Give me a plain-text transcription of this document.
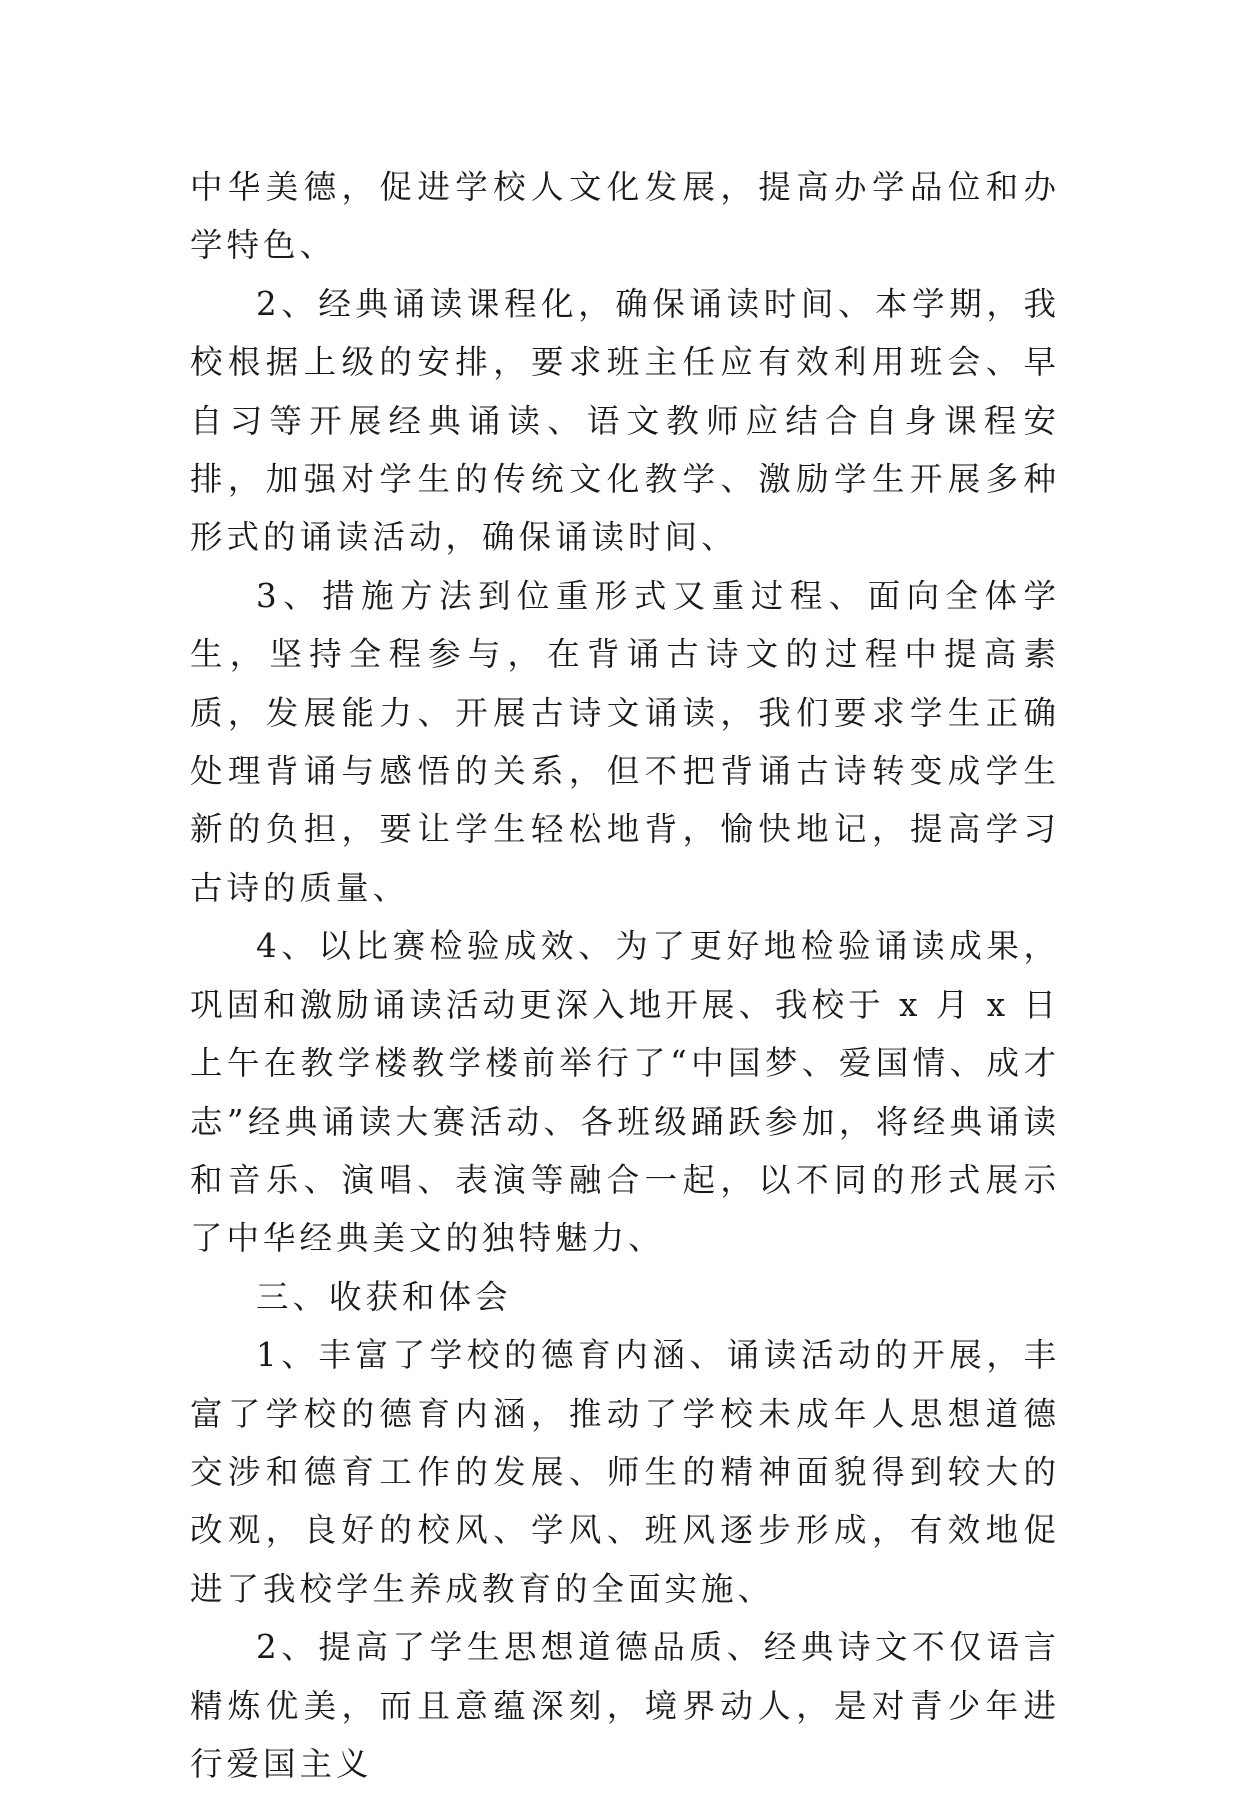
中华美德，促进学校人文化发展，提高办学品位和办学特色、

2、经典诵读课程化，确保诵读时间、本学期，我校根据上级的安排，要求班主任应有效利用班会、早自习等开展经典诵读、语文教师应结合自身课程安排，加强对学生的传统文化教学、激励学生开展多种形式的诵读活动，确保诵读时间、

3、措施方法到位重形式又重过程、面向全体学生，坚持全程参与，在背诵古诗文的过程中提高素质，发展能力、开展古诗文诵读，我们要求学生正确处理背诵与感悟的关系，但不把背诵古诗转变成学生新的负担，要让学生轻松地背，愉快地记，提高学习古诗的质量、

4、以比赛检验成效、为了更好地检验诵读成果，巩固和激励诵读活动更深入地开展、我校于 x 月 x 日上午在教学楼教学楼前举行了“中国梦、爱国情、成才志”经典诵读大赛活动、各班级踊跃参加，将经典诵读和音乐、演唱、表演等融合一起，以不同的形式展示了中华经典美文的独特魅力、

三、收获和体会

1、丰富了学校的德育内涵、诵读活动的开展，丰富了学校的德育内涵，推动了学校未成年人思想道德交涉和德育工作的发展、师生的精神面貌得到较大的改观，良好的校风、学风、班风逐步形成，有效地促进了我校学生养成教育的全面实施、

2、提高了学生思想道德品质、经典诗文不仅语言精炼优美，而且意蕴深刻，境界动人，是对青少年进行爱国主义
